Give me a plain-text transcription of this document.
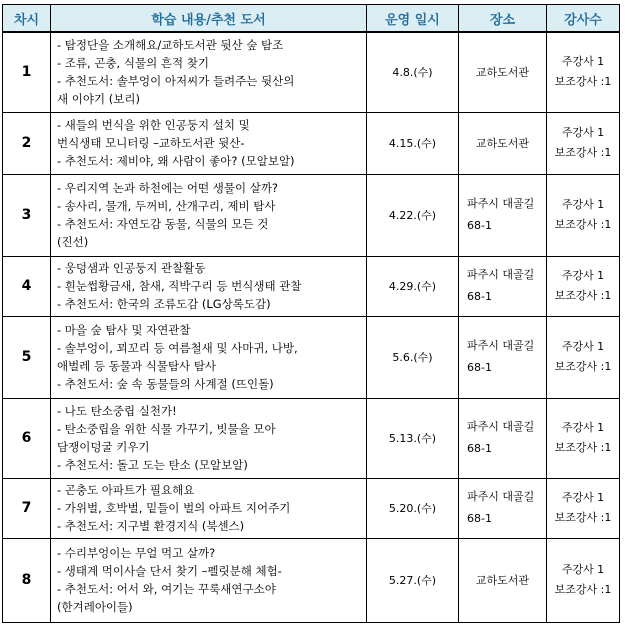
차시	학습 내용/추천 도서	운영 일시	장소	강사수
1	- 탐정단을 소개해요/교하도서관 뒷산 숲 탐조
- 조류, 곤충, 식물의 흔적 찾기
- 추천도서: 솔부엉이 아저씨가 들려주는 뒷산의
새 이야기 (보리)	4.8.(수)	교하도서관	주강사 1
보조강사 :1

2	- 새들의 번식을 위한 인공둥지 설치 및
번식생태 모니터링 –교하도서관 뒷산-
- 추천도서: 제비야, 왜 사람이 좋아? (모알보알)	4.15.(수)	교하도서관	주강사 1
보조강사 :1

3	- 우리지역 논과 하천에는 어떤 생물이 살까?
- 송사리, 물개, 두꺼비, 산개구리, 제비 탐사
- 추천도서: 자연도감 동물, 식물의 모든 것
(진선)	4.22.(수)	파주시 대골길
68-1	주강사 1
보조강사 :1

4	- 웅덩샘과 인공둥지 관찰활동
- 흰눈썹황금새, 참새, 직박구리 등 번식생태 관찰
- 추천도서: 한국의 조류도감 (LG상록도감)	4.29.(수)	파주시 대골길
68-1	주강사 1
보조강사 :1

5	- 마을 숲 탐사 및 자연관찰
- 솔부엉이, 꾀꼬리 등 여름철새 및 사마귀, 나방,
애벌레 등 동물과 식물탐사 탐사
- 추천도서: 숲 속 동물들의 사계절 (뜨인돌)	5.6.(수)	파주시 대골길
68-1	주강사 1
보조강사 :1

6	- 나도 탄소중립 실천가!
- 탄소중립을 위한 식물 가꾸기, 빗물을 모아
담쟁이덩굴 키우기
- 추천도서: 돌고 도는 탄소 (모알보알)	5.13.(수)	파주시 대골길
68-1	주강사 1
보조강사 :1

7	- 곤충도 아파트가 필요해요
- 가위벌, 호박벌, 밑들이 벌의 아파트 지어주기
- 추천도서: 지구별 환경지식 (북센스)	5.20.(수)	파주시 대골길
68-1	주강사 1
보조강사 :1

8	- 수리부엉이는 무얼 먹고 살까?
- 생태계 먹이사슬 단서 찾기 –펠릿분해 체험-
- 추천도서: 어서 와, 여기는 꾸룩새연구소야
(한겨레아이들)	5.27.(수)	교하도서관	주강사 1
보조강사 :1
